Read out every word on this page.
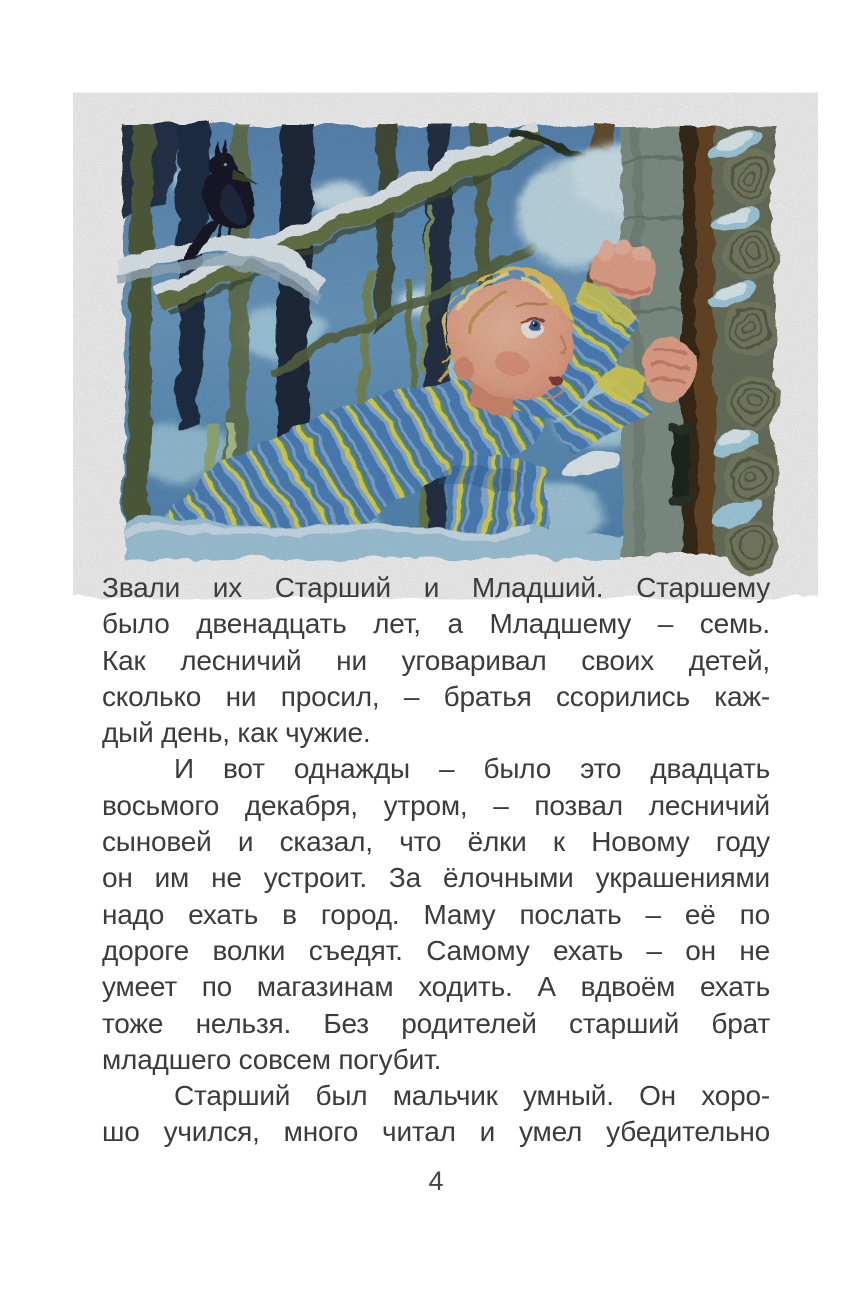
Звали их Старший и Младший. Старшему
было двенадцать лет, а Младшему – семь.
Как лесничий ни уговаривал своих детей,
сколько ни просил, – братья ссорились каж-
дый день, как чужие.
И вот однажды – было это двадцать
восьмого декабря, утром, – позвал лесничий
сыновей и сказал, что ёлки к Новому году
он им не устроит. За ёлочными украшениями
надо ехать в город. Маму послать – её по
дороге волки съедят. Самому ехать – он не
умеет по магазинам ходить. А вдвоём ехать
тоже нельзя. Без родителей старший брат
младшего совсем погубит.
Старший был мальчик умный. Он хоро-
шо учился, много читал и умел убедительно
4
